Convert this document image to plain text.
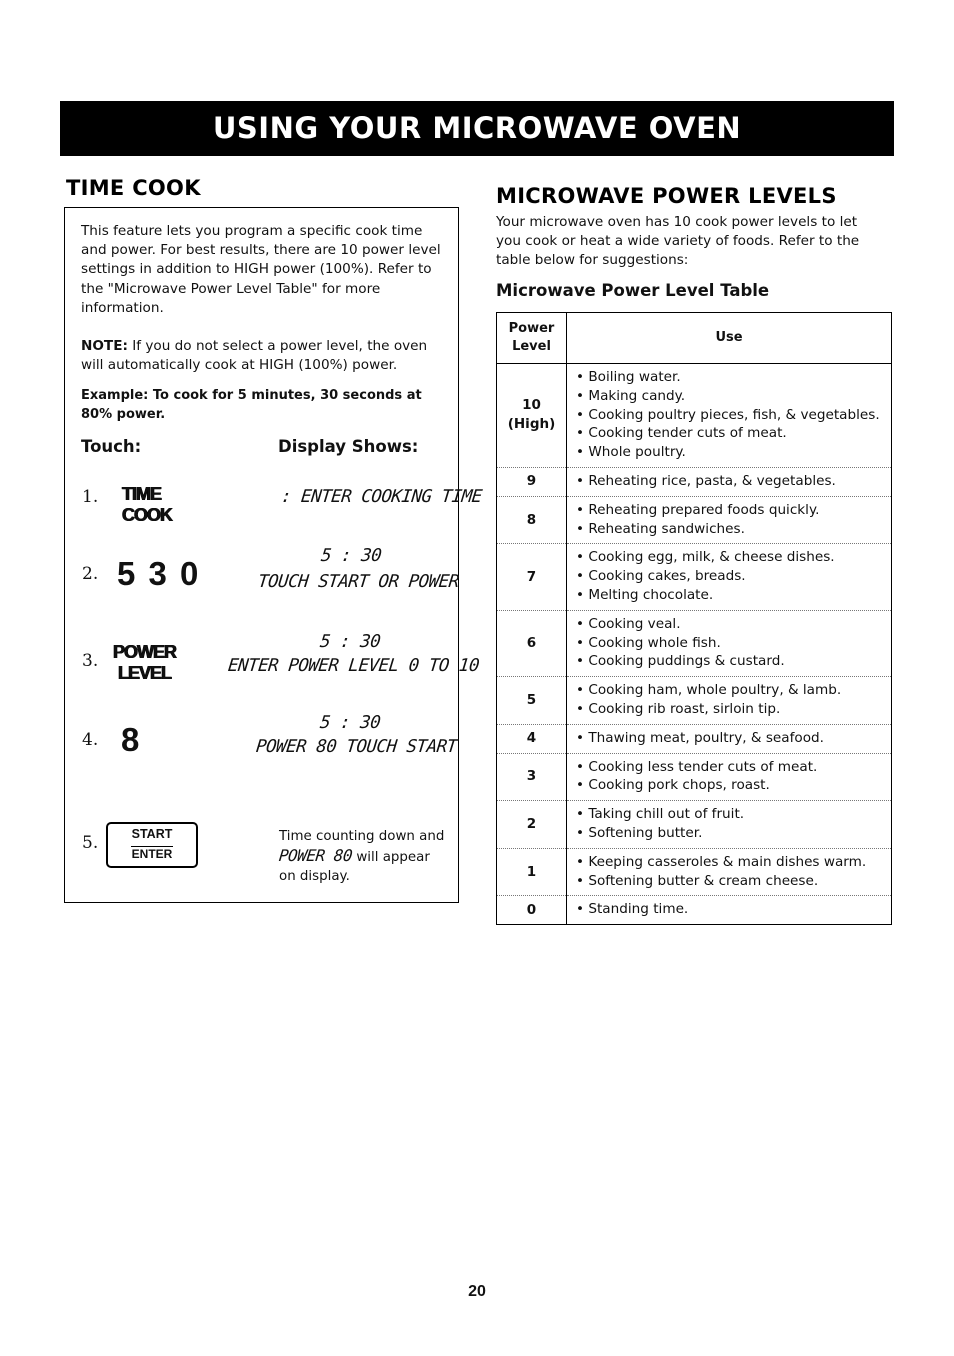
USING YOUR MICROWAVE OVEN
TIME COOK

This feature lets you program a specific cook time and power. For best results, there are 10 power level settings in addition to HIGH power (100%). Refer to the "Microwave Power Level Table" for more information.

NOTE: If you do not select a power level, the oven will automatically cook at HIGH (100%) power.

Example: To cook for 5 minutes, 30 seconds at 80% power.

Touch:	Display Shows:
1. TIME
COOK
: ENTER COOKING TIME
2. 5 3 0	5 : 30
TOUCH START OR POWER
3. POWER
LEVEL
5 : 30
ENTER POWER LEVEL 0 TO 10
4. 8	5 : 30
POWER 80 TOUCH START
5.	START
ENTER
Time counting down and POWER 80 will appear on display.
MICROWAVE POWER LEVELS

Your microwave oven has 10 cook power levels to let you cook or heat a wide variety of foods. Refer to the table below for suggestions:

Microwave Power Level Table
Power
Level	Use
10
(High)	• Boiling water.
• Making candy.
• Cooking poultry pieces, fish, & vegetables.
• Cooking tender cuts of meat.
• Whole poultry.

9	• Reheating rice, pasta, & vegetables.

8	• Reheating prepared foods quickly.
• Reheating sandwiches.

7	• Cooking egg, milk, & cheese dishes.
• Cooking cakes, breads.
• Melting chocolate.

6	• Cooking veal.
• Cooking whole fish.
• Cooking puddings & custard.

5	• Cooking ham, whole poultry, & lamb.
• Cooking rib roast, sirloin tip.

4	• Thawing meat, poultry, & seafood.

3	• Cooking less tender cuts of meat.
• Cooking pork chops, roast.

2	• Taking chill out of fruit.
• Softening butter.

1	• Keeping casseroles & main dishes warm.
• Softening butter & cream cheese.

0	• Standing time.
20
